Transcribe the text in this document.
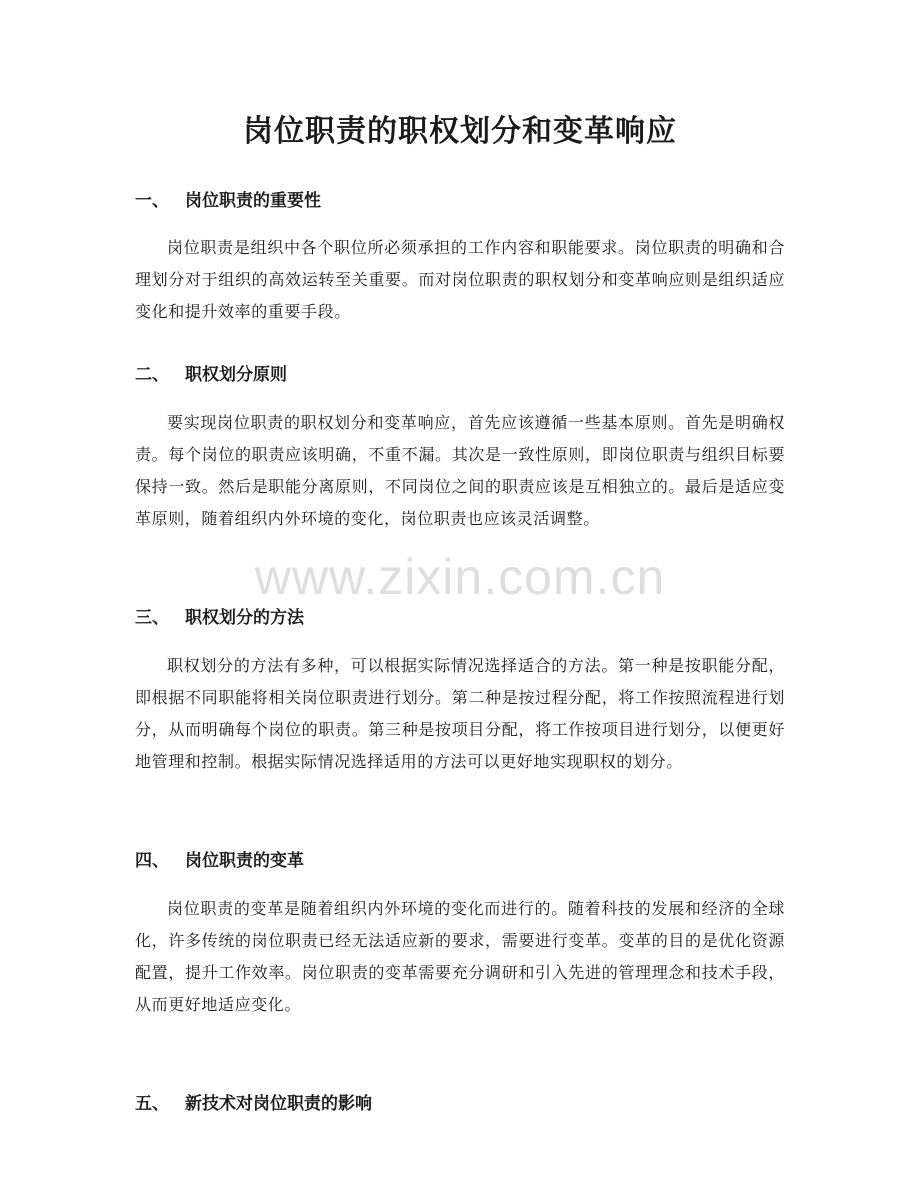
岗位职责的职权划分和变革响应
一、 岗位职责的重要性

岗位职责是组织中各个职位所必须承担的工作内容和职能要求。岗位职责的明确和合理划分对于组织的高效运转至关重要。而对岗位职责的职权划分和变革响应则是组织适应变化和提升效率的重要手段。

二、 职权划分原则

要实现岗位职责的职权划分和变革响应，首先应该遵循一些基本原则。首先是明确权责。每个岗位的职责应该明确，不重不漏。其次是一致性原则，即岗位职责与组织目标要保持一致。然后是职能分离原则，不同岗位之间的职责应该是互相独立的。最后是适应变革原则，随着组织内外环境的变化，岗位职责也应该灵活调整。

三、 职权划分的方法

职权划分的方法有多种，可以根据实际情况选择适合的方法。第一种是按职能分配，即根据不同职能将相关岗位职责进行划分。第二种是按过程分配，将工作按照流程进行划分，从而明确每个岗位的职责。第三种是按项目分配，将工作按项目进行划分，以便更好地管理和控制。根据实际情况选择适用的方法可以更好地实现职权的划分。

四、 岗位职责的变革

岗位职责的变革是随着组织内外环境的变化而进行的。随着科技的发展和经济的全球化，许多传统的岗位职责已经无法适应新的要求，需要进行变革。变革的目的是优化资源配置，提升工作效率。岗位职责的变革需要充分调研和引入先进的管理理念和技术手段，从而更好地适应变化。

五、 新技术对岗位职责的影响
www.zixin.com.cn
